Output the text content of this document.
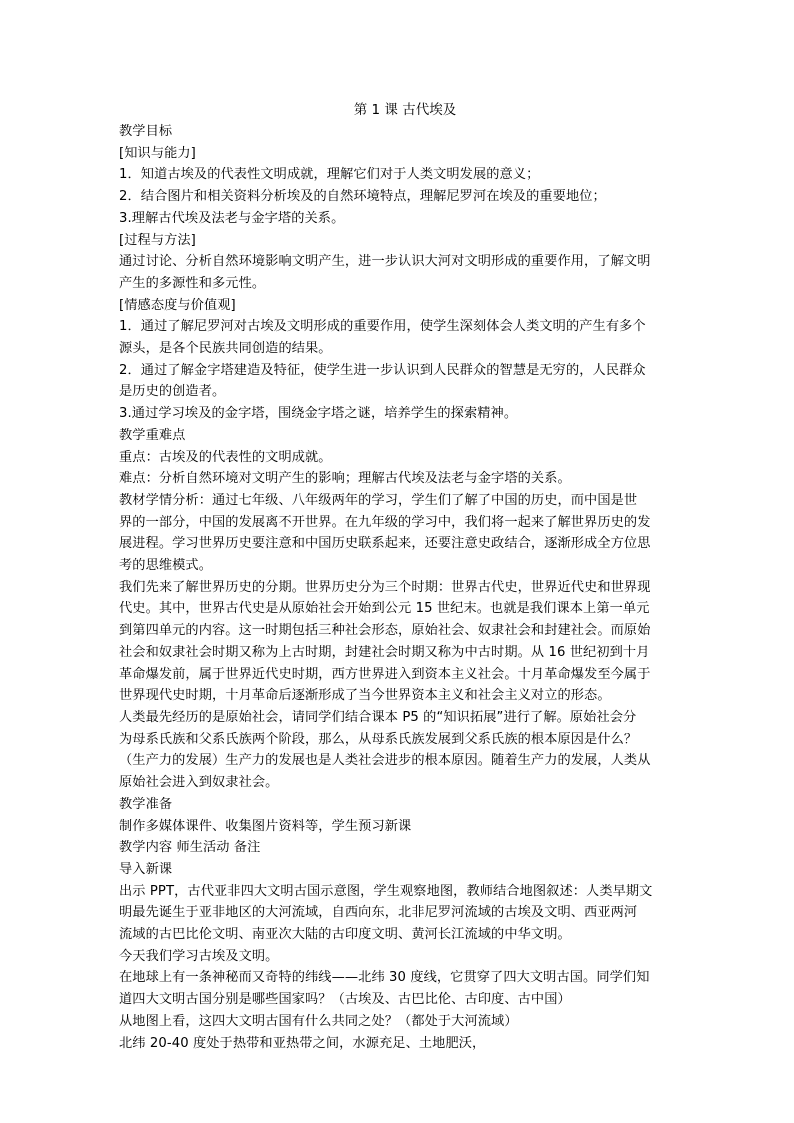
第 1 课 古代埃及

教学目标

[知识与能力]

1．知道古埃及的代表性文明成就，理解它们对于人类文明发展的意义；

2．结合图片和相关资料分析埃及的自然环境特点，理解尼罗河在埃及的重要地位；

3.理解古代埃及法老与金字塔的关系。

[过程与方法]

通过讨论、分析自然环境影响文明产生，进一步认识大河对文明形成的重要作用，了解文明

产生的多源性和多元性。

[情感态度与价值观]

1．通过了解尼罗河对古埃及文明形成的重要作用，使学生深刻体会人类文明的产生有多个

源头，是各个民族共同创造的结果。

2．通过了解金字塔建造及特征，使学生进一步认识到人民群众的智慧是无穷的，人民群众

是历史的创造者。

3.通过学习埃及的金字塔，围绕金字塔之谜，培养学生的探索精神。

教学重难点

重点：古埃及的代表性的文明成就。

难点：分析自然环境对文明产生的影响；理解古代埃及法老与金字塔的关系。

教材学情分析：通过七年级、八年级两年的学习，学生们了解了中国的历史，而中国是世

界的一部分，中国的发展离不开世界。在九年级的学习中，我们将一起来了解世界历史的发

展进程。学习世界历史要注意和中国历史联系起来，还要注意史政结合，逐渐形成全方位思

考的思维模式。

我们先来了解世界历史的分期。世界历史分为三个时期：世界古代史，世界近代史和世界现

代史。其中，世界古代史是从原始社会开始到公元 15 世纪末。也就是我们课本上第一单元

到第四单元的内容。这一时期包括三种社会形态，原始社会、奴隶社会和封建社会。而原始

社会和奴隶社会时期又称为上古时期，封建社会时期又称为中古时期。从 16 世纪初到十月

革命爆发前，属于世界近代史时期，西方世界进入到资本主义社会。十月革命爆发至今属于

世界现代史时期，十月革命后逐渐形成了当今世界资本主义和社会主义对立的形态。

人类最先经历的是原始社会，请同学们结合课本 P5 的“知识拓展”进行了解。原始社会分

为母系氏族和父系氏族两个阶段，那么，从母系氏族发展到父系氏族的根本原因是什么？

（生产力的发展）生产力的发展也是人类社会进步的根本原因。随着生产力的发展，人类从

原始社会进入到奴隶社会。

教学准备

制作多媒体课件、收集图片资料等，学生预习新课

教学内容 师生活动 备注

导入新课

出示 PPT，古代亚非四大文明古国示意图，学生观察地图，教师结合地图叙述：人类早期文

明最先诞生于亚非地区的大河流域，自西向东，北非尼罗河流域的古埃及文明、西亚两河

流域的古巴比伦文明、南亚次大陆的古印度文明、黄河长江流域的中华文明。

今天我们学习古埃及文明。

在地球上有一条神秘而又奇特的纬线——北纬 30 度线，它贯穿了四大文明古国。同学们知

道四大文明古国分别是哪些国家吗？（古埃及、古巴比伦、古印度、古中国）

从地图上看，这四大文明古国有什么共同之处？（都处于大河流域）

北纬 20-40 度处于热带和亚热带之间，水源充足、土地肥沃，
